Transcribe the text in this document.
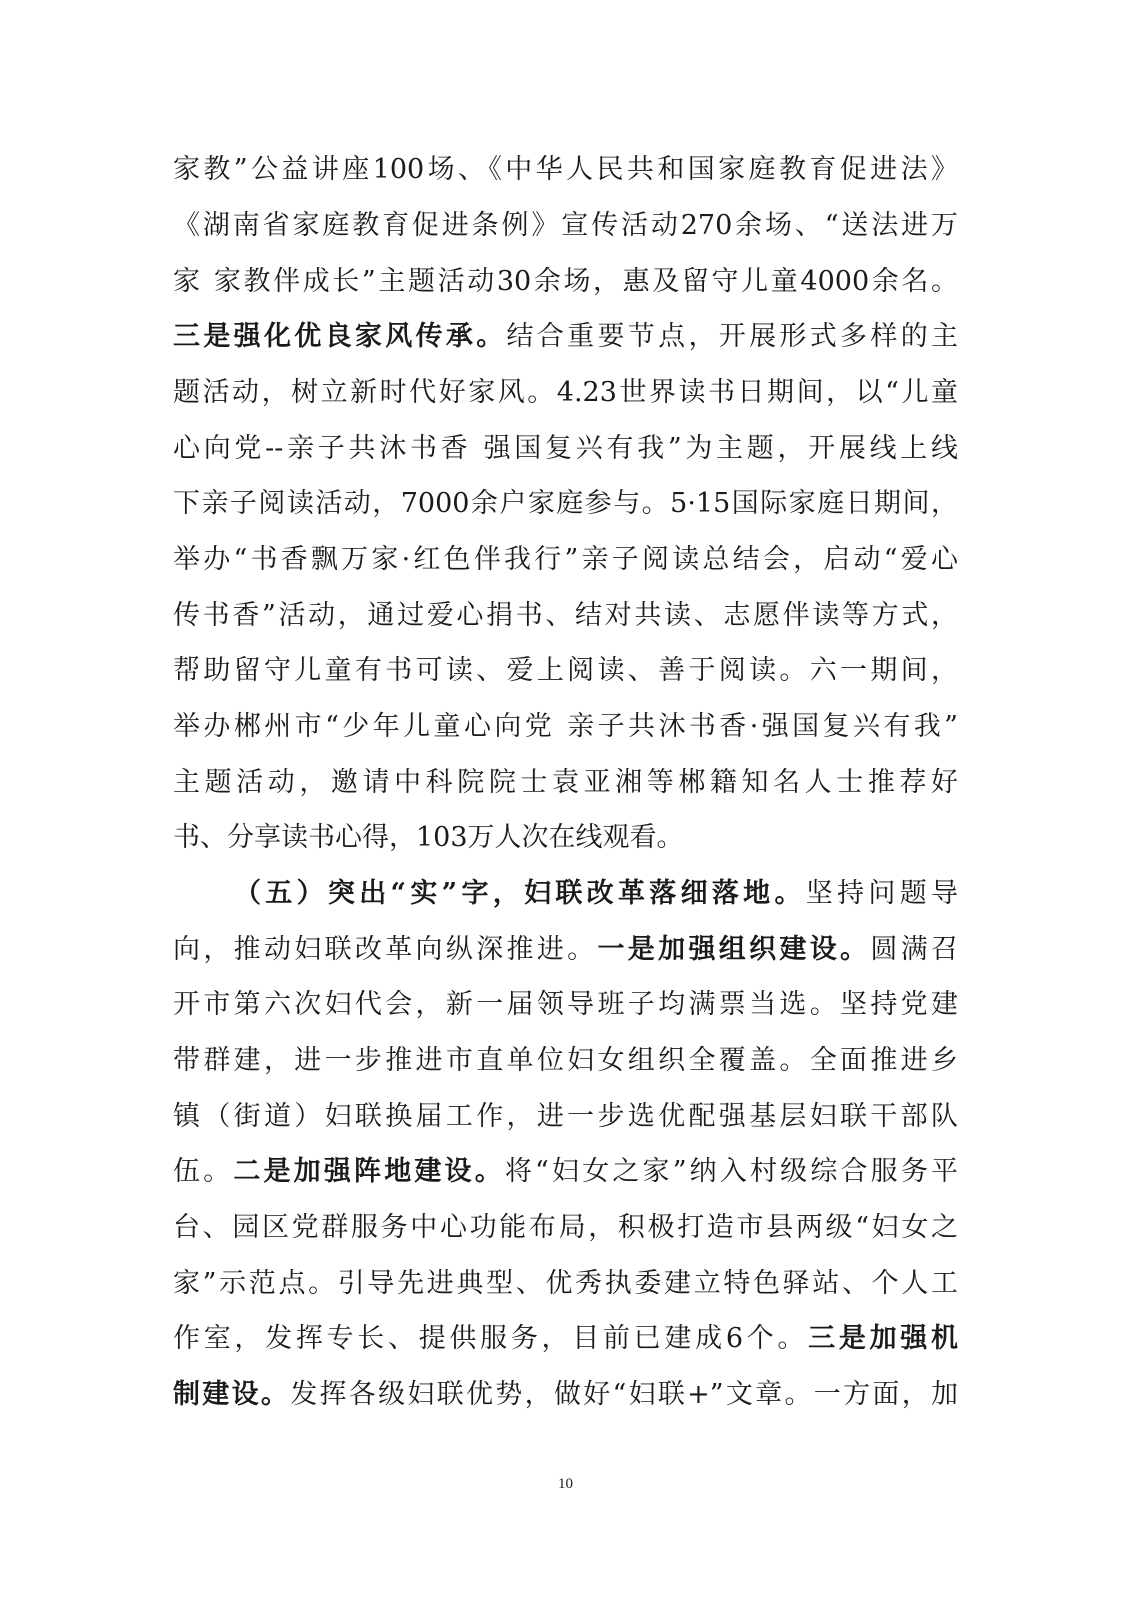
家教”公益讲座100场、《中华人民共和国家庭教育促进法》
《湖南省家庭教育促进条例》宣传活动270余场、“送法进万
家 家教伴成长”主题活动30余场，惠及留守儿童4000余名。
三是强化优良家风传承。结合重要节点，开展形式多样的主
题活动，树立新时代好家风。4.23世界读书日期间，以“儿童
心向党--亲子共沐书香 强国复兴有我”为主题，开展线上线
下亲子阅读活动，7000余户家庭参与。5·15国际家庭日期间，
举办“书香飘万家·红色伴我行”亲子阅读总结会，启动“爱心
传书香”活动，通过爱心捐书、结对共读、志愿伴读等方式，
帮助留守儿童有书可读、爱上阅读、善于阅读。六一期间，
举办郴州市“少年儿童心向党 亲子共沐书香·强国复兴有我”
主题活动，邀请中科院院士袁亚湘等郴籍知名人士推荐好
书、分享读书心得，103万人次在线观看。
（五）突出“实”字，妇联改革落细落地。坚持问题导
向，推动妇联改革向纵深推进。一是加强组织建设。圆满召
开市第六次妇代会，新一届领导班子均满票当选。坚持党建
带群建，进一步推进市直单位妇女组织全覆盖。全面推进乡
镇（街道）妇联换届工作，进一步选优配强基层妇联干部队
伍。二是加强阵地建设。将“妇女之家”纳入村级综合服务平
台、园区党群服务中心功能布局，积极打造市县两级“妇女之
家”示范点。引导先进典型、优秀执委建立特色驿站、个人工
作室，发挥专长、提供服务，目前已建成6个。三是加强机
制建设。发挥各级妇联优势，做好“妇联+”文章。一方面，加
10
